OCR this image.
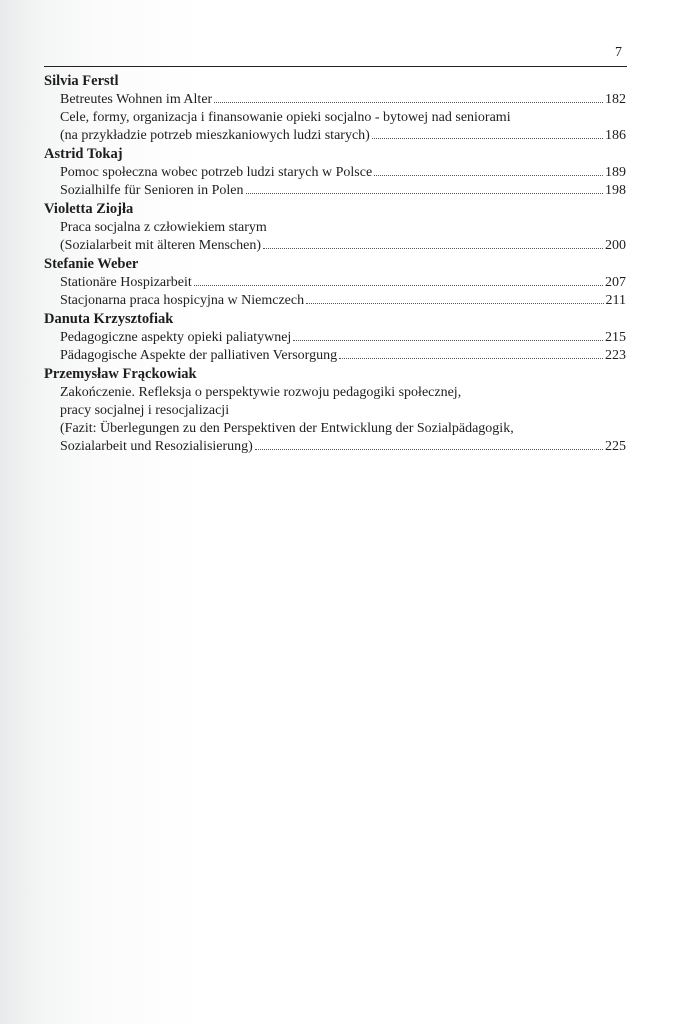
7
Silvia Ferstl
Betreutes Wohnen im Alter	182
Cele, formy, organizacja i finansowanie opieki socjalno - bytowej nad seniorami
(na przykładzie potrzeb mieszkaniowych ludzi starych)	186
Astrid Tokaj
Pomoc społeczna wobec potrzeb ludzi starych w Polsce	189
Sozialhilfe für Senioren in Polen	198
Violetta Ziojła
Praca socjalna z człowiekiem starym
(Sozialarbeit mit älteren Menschen)	200
Stefanie Weber
Stationäre Hospizarbeit	207
Stacjonarna praca hospicyjna w Niemczech	211
Danuta Krzysztofiak
Pedagogiczne aspekty opieki paliatywnej	215
Pädagogische Aspekte der palliativen Versorgung	223
Przemysław Frąckowiak
Zakończenie. Refleksja o perspektywie rozwoju pedagogiki społecznej,
pracy socjalnej i resocjalizacji
(Fazit: Überlegungen zu den Perspektiven der Entwicklung der Sozialpädagogik,
Sozialarbeit und Resozialisierung)	225
